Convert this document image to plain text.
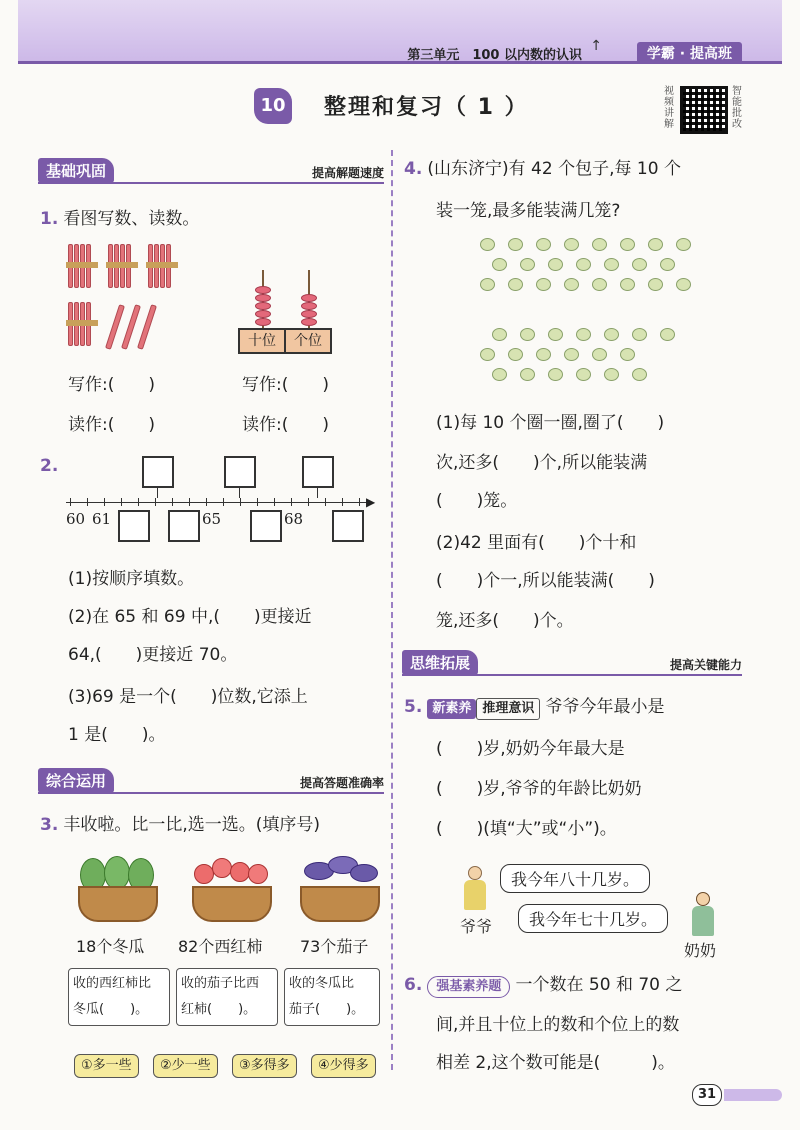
第三单元　100 以内数的认识
↑	学霸 · 提高班
10 整理和复习（ 1 ）
视频讲解
智能批改
基础巩固	提高解题速度
1. 看图写数、读数。
十位	个位
写作:(　　)	写作:(　　)
读作:(　　)	读作:(　　)
2.
▶
60 61	65	68
(1)按顺序填数。
(2)在 65 和 69 中,(　　)更接近
64,(　　)更接近 70。
(3)69 是一个(　　)位数,它添上
1 是(　　)。
综合运用	提高答题准确率
3. 丰收啦。比一比,选一选。(填序号)
18个冬瓜 82个西红柿 73个茄子
收的西红柿比
冬瓜(　　)。
收的茄子比西
红柿(　　)。
收的冬瓜比
茄子(　　)。
①多一些	②少一些	③多得多	④少得多
4. (山东济宁)有 42 个包子,每 10 个
装一笼,最多能装满几笼?
(1)每 10 个圈一圈,圈了(　　)
次,还多(　　)个,所以能装满
(　　)笼。
(2)42 里面有(　　)个十和
(　　)个一,所以能装满(　　)
笼,还多(　　)个。
思维拓展	提高关键能力
5. 新素养 推理意识 爷爷今年最小是
(　　)岁,奶奶今年最大是
(　　)岁,爷爷的年龄比奶奶
(　　)(填“大”或“小”)。
我今年八十几岁。
爷爷	我今年七十几岁。
奶奶
6. 强基素养题 一个数在 50 和 70 之
间,并且十位上的数和个位上的数
相差 2,这个数可能是(　　　)。
31
